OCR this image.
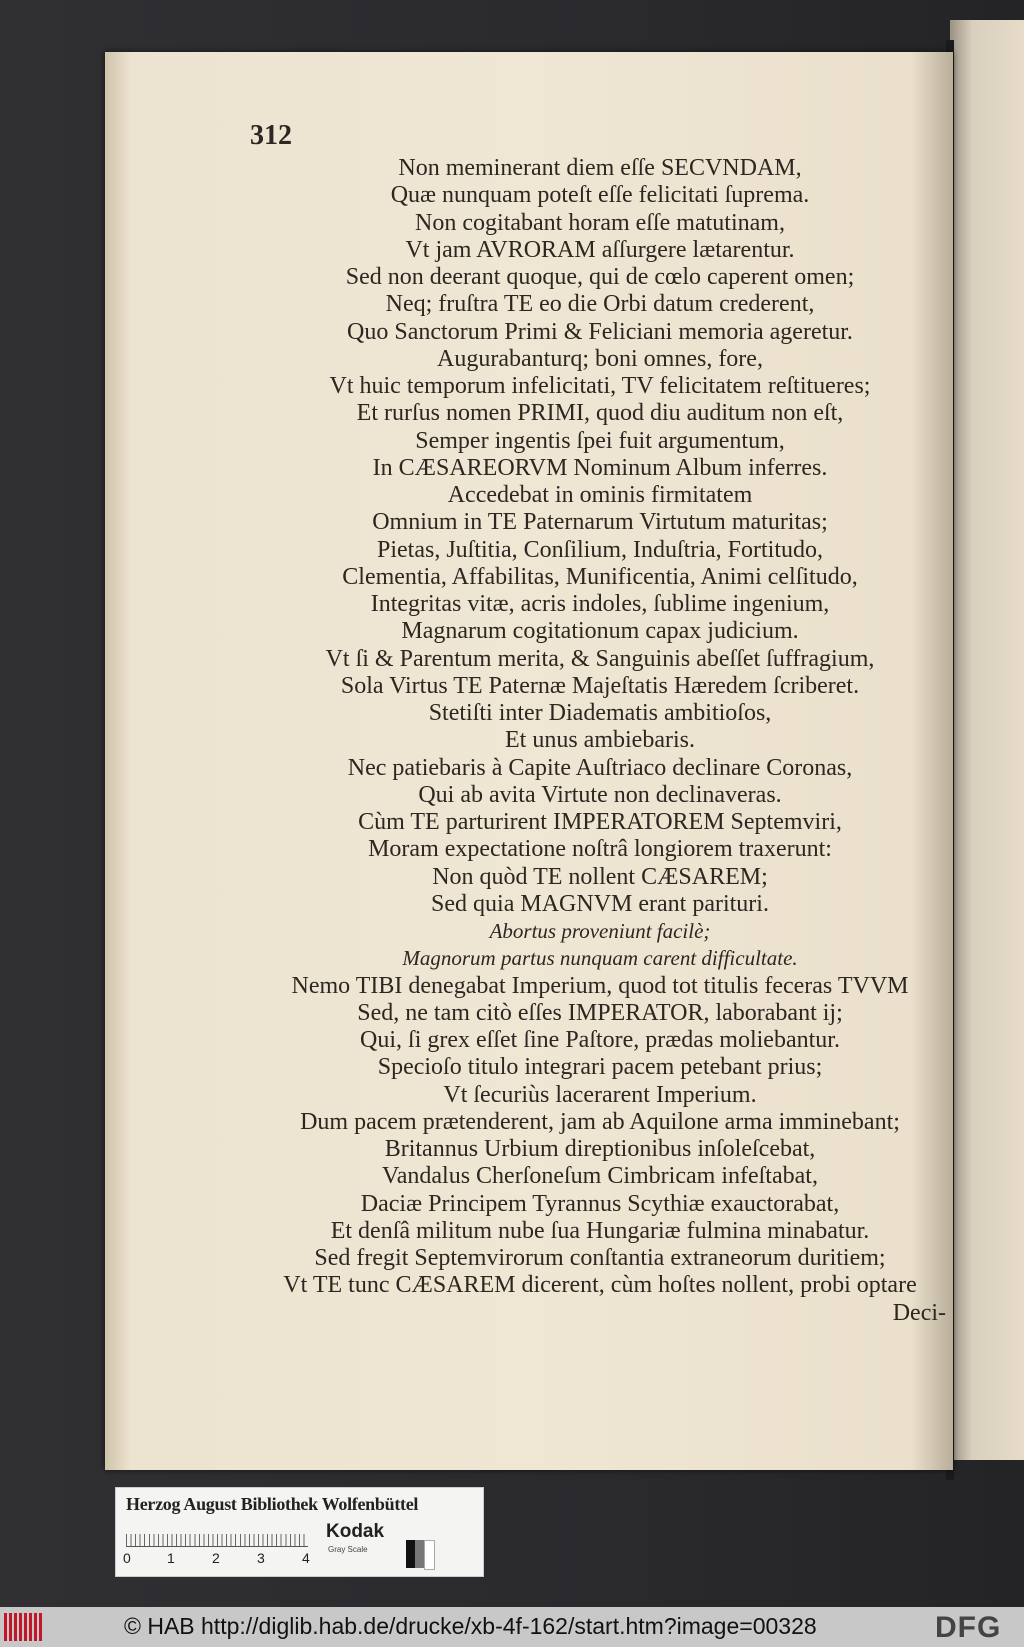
312
Non meminerant diem eſſe SECVNDAM,
Quæ nunquam poteſt eſſe felicitati ſuprema.
Non cogitabant horam eſſe matutinam,
Vt jam AVRORAM aſſurgere lætarentur.
Sed non deerant quoque, qui de cœlo caperent omen;
Neq; fruſtra TE eo die Orbi datum crederent,
Quo Sanctorum Primi & Feliciani memoria ageretur.
Augurabanturq; boni omnes, fore,
Vt huic temporum infelicitati, TV felicitatem reſtitueres;
Et rurſus nomen PRIMI, quod diu auditum non eſt,
Semper ingentis ſpei fuit argumentum,
In CÆSAREORVM Nominum Album inferres.
Accedebat in ominis firmitatem
Omnium in TE Paternarum Virtutum maturitas;
Pietas, Juſtitia, Conſilium, Induſtria, Fortitudo,
Clementia, Affabilitas, Munificentia, Animi celſitudo,
Integritas vitæ, acris indoles, ſublime ingenium,
Magnarum cogitationum capax judicium.
Vt ſi & Parentum merita, & Sanguinis abeſſet ſuffragium,
Sola Virtus TE Paternæ Majeſtatis Hæredem ſcriberet.
Stetiſti inter Diadematis ambitioſos,
Et unus ambiebaris.
Nec patiebaris à Capite Auſtriaco declinare Coronas,
Qui ab avita Virtute non declinaveras.
Cùm TE parturirent IMPERATOREM Septemviri,
Moram expectatione noſtrâ longiorem traxerunt:
Non quòd TE nollent CÆSAREM;
Sed quia MAGNVM erant parituri.
Abortus proveniunt facilè;
Magnorum partus nunquam carent difficultate.
Nemo TIBI denegabat Imperium, quod tot titulis feceras TVVM
Sed, ne tam citò eſſes IMPERATOR, laborabant ij;
Qui, ſi grex eſſet ſine Paſtore, prædas moliebantur.
Specioſo titulo integrari pacem petebant prius;
Vt ſecuriùs lacerarent Imperium.
Dum pacem prætenderent, jam ab Aquilone arma imminebant;
Britannus Urbium direptionibus inſoleſcebat,
Vandalus Cherſoneſum Cimbricam infeſtabat,
Daciæ Principem Tyrannus Scythiæ exauctorabat,
Et denſâ militum nube ſua Hungariæ fulmina minabatur.
Sed fregit Septemvirorum conſtantia extraneorum duritiem;
Vt TE tunc CÆSAREM dicerent, cùm hoſtes nollent, probi optare
Deci-
Herzog August Bibliothek Wolfenbüttel
0	1	2	3	4
Kodak
Gray Scale
© HAB http://diglib.hab.de/drucke/xb-4f-162/start.htm?image=00328	DFG
